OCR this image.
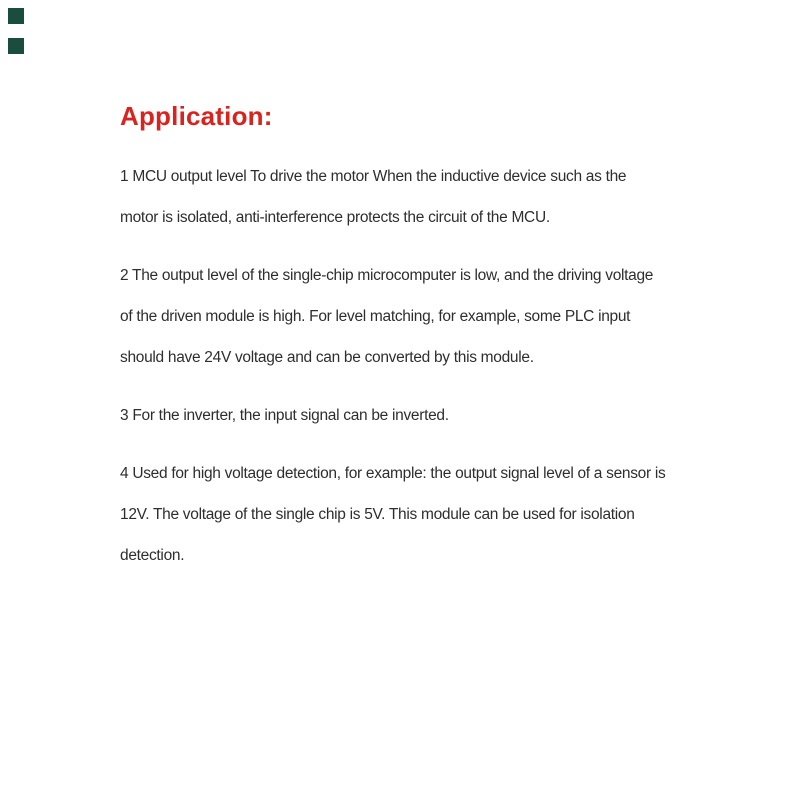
Application:
1 MCU output level To drive the motor When the inductive device such as the
motor is isolated, anti-interference protects the circuit of the MCU.
2 The output level of the single-chip microcomputer is low, and the driving voltage
of the driven module is high. For level matching, for example, some PLC input
should have 24V voltage and can be converted by this module.
3 For the inverter, the input signal can be inverted.
4 Used for high voltage detection, for example: the output signal level of a sensor is
12V. The voltage of the single chip is 5V. This module can be used for isolation
detection.
